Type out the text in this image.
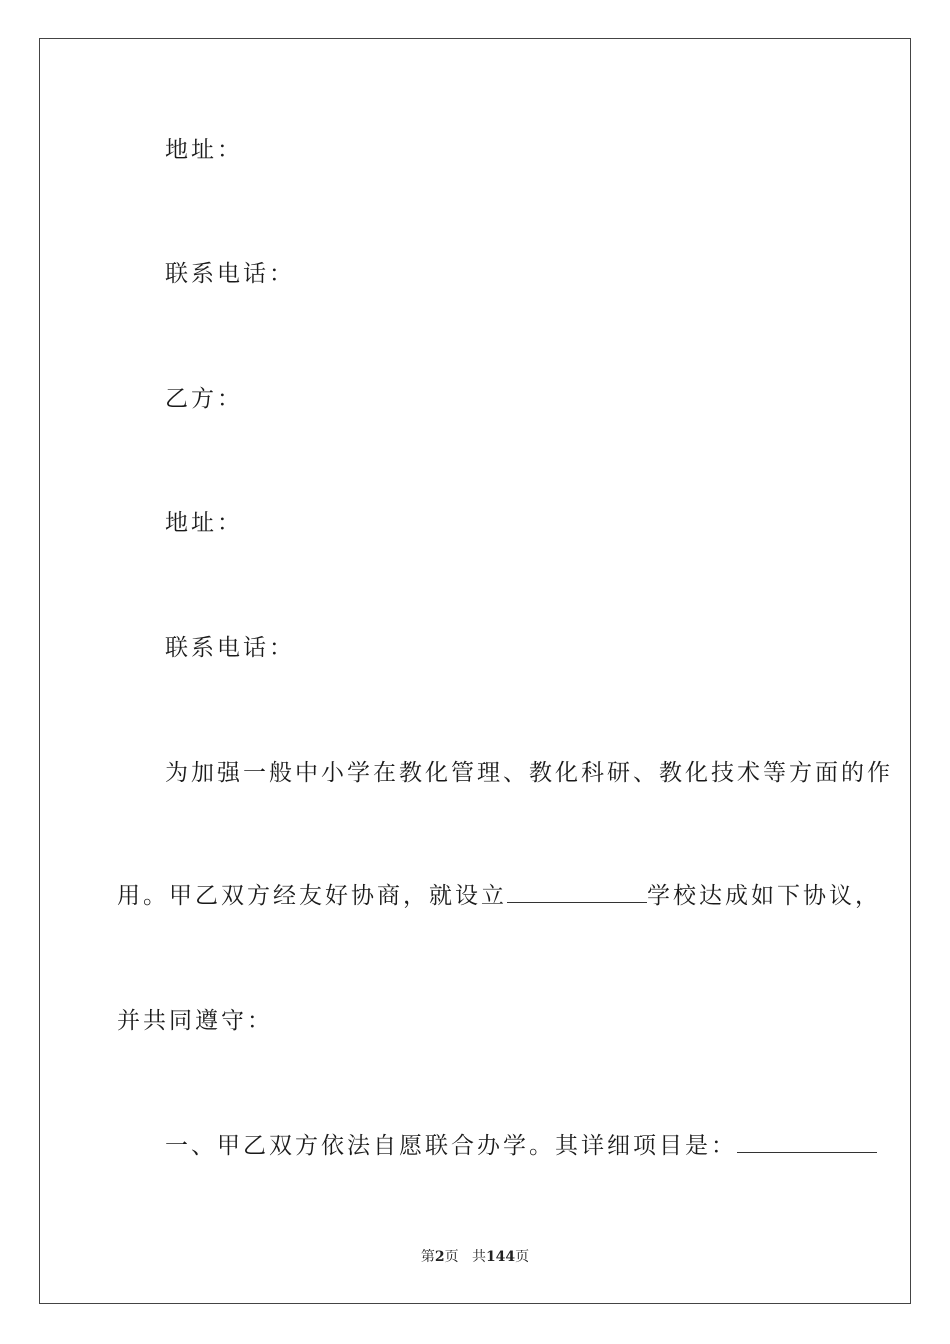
地址：
联系电话：
乙方：
地址：
联系电话：
为加强一般中小学在教化管理、教化科研、教化技术等方面的作
用。甲乙双方经友好协商，就设立	学校达成如下协议，
并共同遵守：
一、甲乙双方依法自愿联合办学。其详细项目是：
第2页 共144页
